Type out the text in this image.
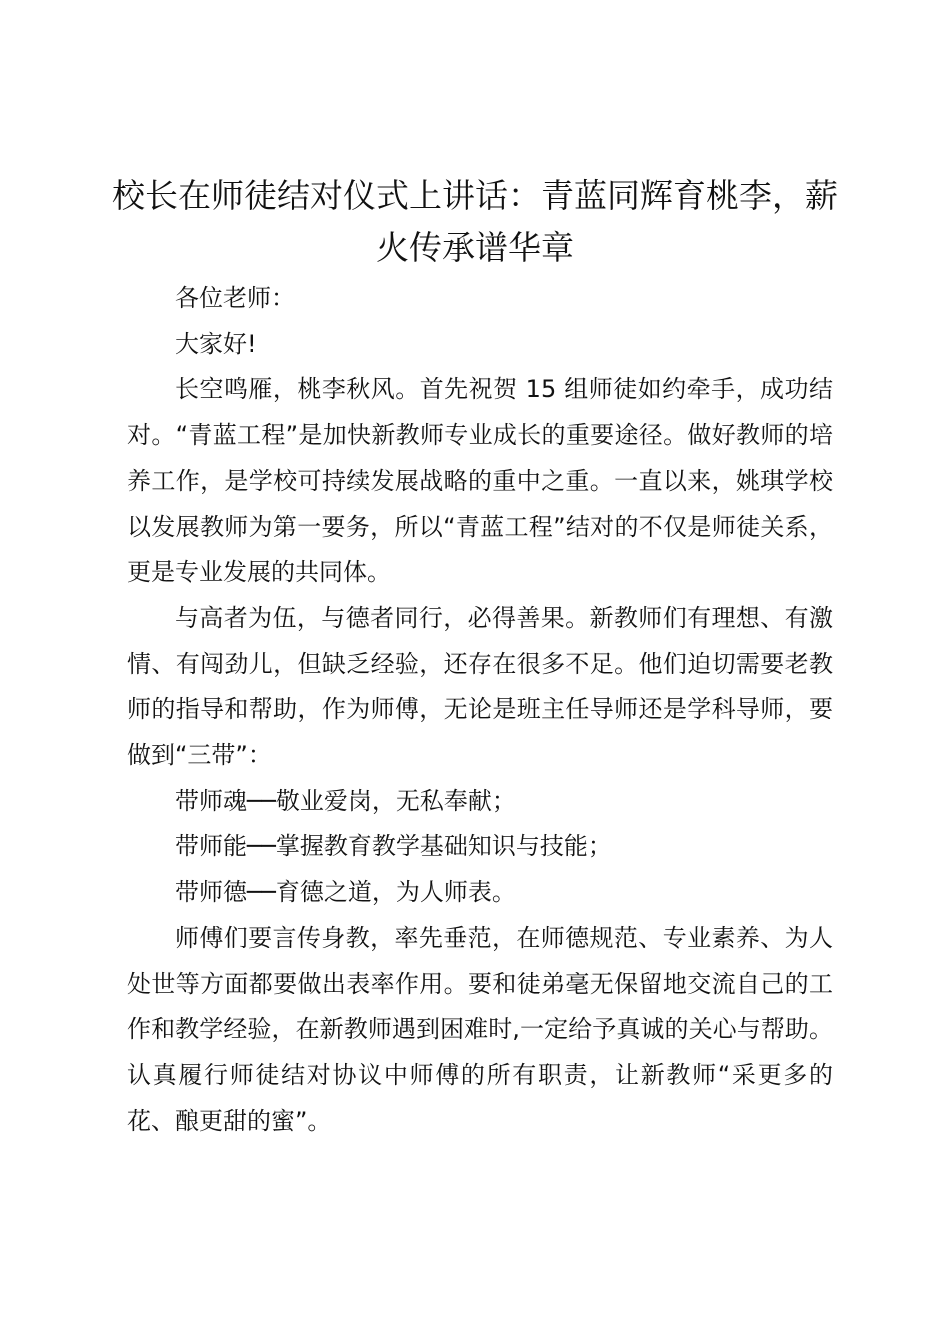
校长在师徒结对仪式上讲话：青蓝同辉育桃李，薪火传承谱华章

各位老师：

大家好!

长空鸣雁，桃李秋风。首先祝贺 15 组师徒如约牵手，成功结对。“青蓝工程”是加快新教师专业成长的重要途径。做好教师的培养工作，是学校可持续发展战略的重中之重。一直以来，姚琪学校以发展教师为第一要务，所以“青蓝工程”结对的不仅是师徒关系，更是专业发展的共同体。

与高者为伍，与德者同行，必得善果。新教师们有理想、有激情、有闯劲儿，但缺乏经验，还存在很多不足。他们迫切需要老教师的指导和帮助，作为师傅，无论是班主任导师还是学科导师，要做到“三带”：

带师魂──敬业爱岗，无私奉献；

带师能──掌握教育教学基础知识与技能；

带师德──育德之道，为人师表。

师傅们要言传身教，率先垂范，在师德规范、专业素养、为人处世等方面都要做出表率作用。要和徒弟毫无保留地交流自己的工作和教学经验，在新教师遇到困难时,一定给予真诚的关心与帮助。认真履行师徒结对协议中师傅的所有职责，让新教师“采更多的花、酿更甜的蜜”。
